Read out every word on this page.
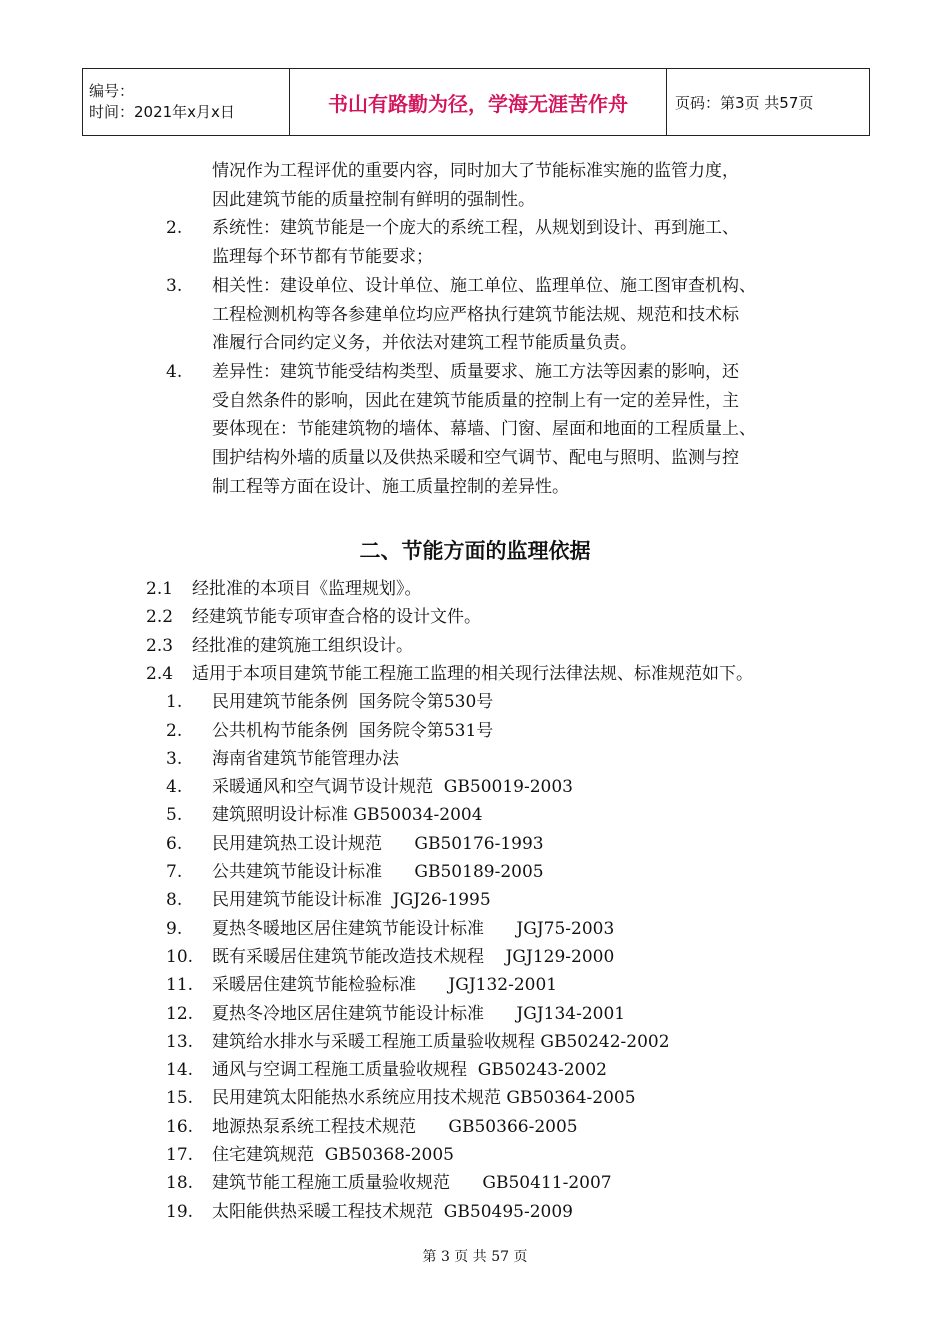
编号：
时间：2021年x月x日	书山有路勤为径，学海无涯苦作舟	页码：第3页 共57页
情况作为工程评优的重要内容，同时加大了节能标准实施的监管力度，
因此建筑节能的质量控制有鲜明的强制性。
2. 系统性：建筑节能是一个庞大的系统工程，从规划到设计、再到施工、
监理每个环节都有节能要求；
3. 相关性：建设单位、设计单位、施工单位、监理单位、施工图审查机构、
工程检测机构等各参建单位均应严格执行建筑节能法规、规范和技术标
准履行合同约定义务，并依法对建筑工程节能质量负责。
4. 差异性：建筑节能受结构类型、质量要求、施工方法等因素的影响，还
受自然条件的影响，因此在建筑节能质量的控制上有一定的差异性，主
要体现在：节能建筑物的墙体、幕墙、门窗、屋面和地面的工程质量上、
围护结构外墙的质量以及供热采暖和空气调节、配电与照明、监测与控
制工程等方面在设计、施工质量控制的差异性。
2.1 经批准的本项目《监理规划》。
2.2 经建筑节能专项审查合格的设计文件。
2.3 经批准的建筑施工组织设计。
2.4 适用于本项目建筑节能工程施工监理的相关现行法律法规、标准规范如下。
1. 民用建筑节能条例  国务院令第530号
2. 公共机构节能条例  国务院令第531号
3. 海南省建筑节能管理办法
4. 采暖通风和空气调节设计规范  GB50019-2003
5. 建筑照明设计标准 GB50034-2004
6. 民用建筑热工设计规范      GB50176-1993
7. 公共建筑节能设计标准      GB50189-2005
8. 民用建筑节能设计标准  JGJ26-1995
9. 夏热冬暖地区居住建筑节能设计标准      JGJ75-2003
10. 既有采暖居住建筑节能改造技术规程    JGJ129-2000
11. 采暖居住建筑节能检验标准      JGJ132-2001
12. 夏热冬冷地区居住建筑节能设计标准      JGJ134-2001
13. 建筑给水排水与采暖工程施工质量验收规程 GB50242-2002
14. 通风与空调工程施工质量验收规程  GB50243-2002
15. 民用建筑太阳能热水系统应用技术规范 GB50364-2005
16. 地源热泵系统工程技术规范      GB50366-2005
17. 住宅建筑规范  GB50368-2005
18. 建筑节能工程施工质量验收规范      GB50411-2007
19. 太阳能供热采暖工程技术规范  GB50495-2009
二、节能方面的监理依据
第 3 页 共 57 页
